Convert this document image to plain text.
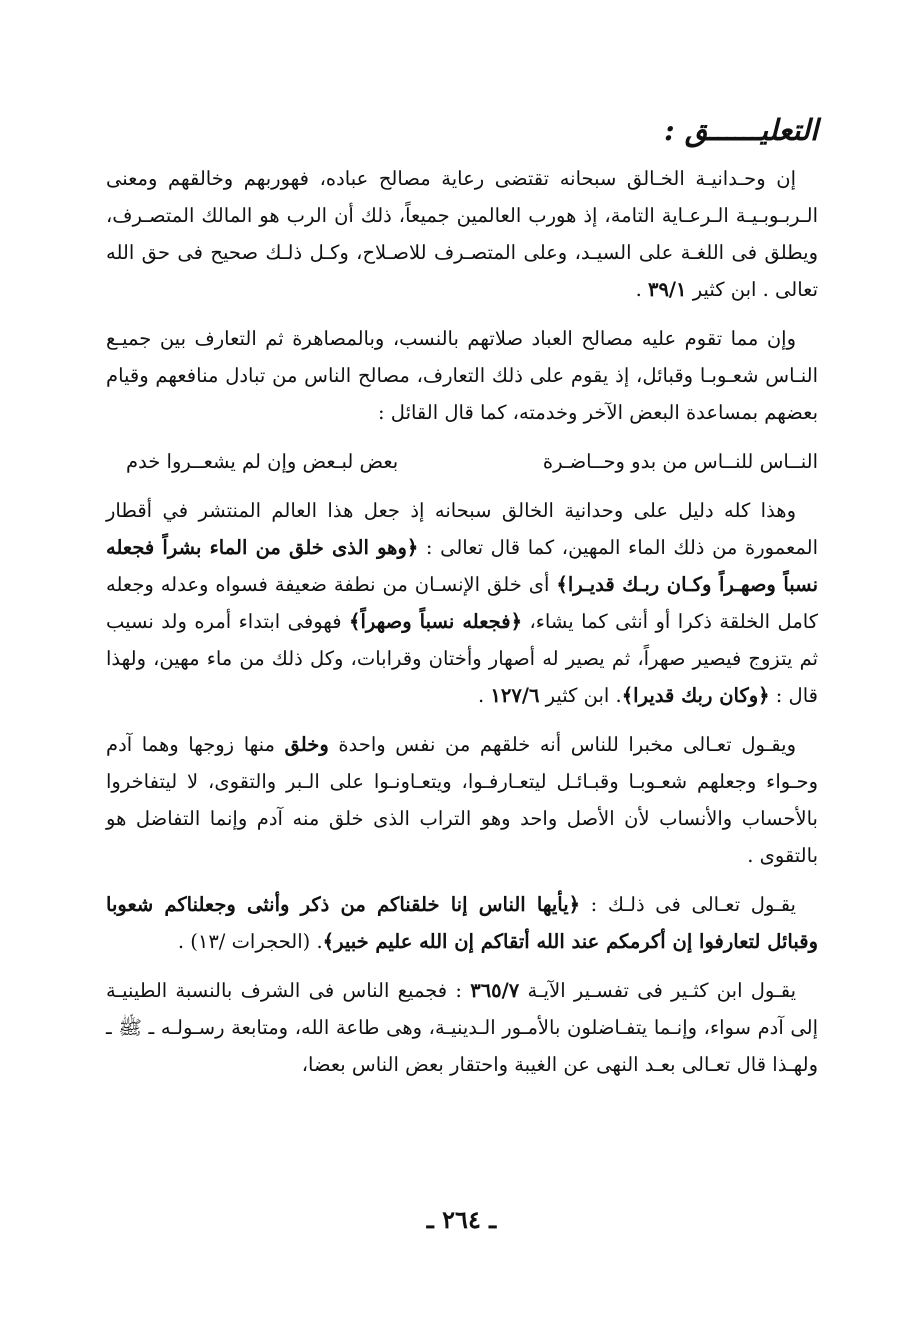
التعليــــــق :
إن وحـدانيـة الخـالق سبحانه تقتضى رعاية مصالح عباده، فهوربهم وخالقهم ومعنى الـربـوبـيـة الـرعـاية التامة، إذ هورب العالمين جميعاً، ذلك أن الرب هو المالك المتصـرف، ويطلق فى اللغـة على السيـد، وعلى المتصـرف للاصـلاح، وكـل ذلـك صحيح فى حق الله تعالى . ابن كثير ٣٩/١ .
وإن مما تقوم عليه مصالح العباد صلاتهم بالنسب، وبالمصاهرة ثم التعارف بين جميـع النـاس شعـوبـا وقبائل، إذ يقوم على ذلك التعارف، مصالح الناس من تبادل منافعهم وقيام بعضهم بمساعدة البعض الآخر وخدمته، كما قال القائل :
النــاس للنــاس من بدو وحــاضـرة
بعض لبـعض وإن لم يشعــروا خدم
وهذا كله دليل على وحدانية الخالق سبحانه إذ جعل هذا العالم المنتشر في أقطار المعمورة من ذلك الماء المهين، كما قال تعالى : ﴿وهو الذى خلق من الماء بشراً فجعله نسباً وصهـراً وكـان ربـك قديـرا﴾ أى خلق الإنسـان من نطفة ضعيفة فسواه وعدله وجعله كامل الخلقة ذكرا أو أنثى كما يشاء، ﴿فجعله نسباً وصهراً﴾ فهوفى ابتداء أمره ولد نسيب ثم يتزوج فيصير صهراً، ثم يصير له أصهار وأختان وقرابات، وكل ذلك من ماء مهين، ولهذا قال : ﴿وكان ربك قديرا﴾. ابن كثير ١٢٧/٦ .
ويقـول تعـالى مخبرا للناس أنه خلقهم من نفس واحدة وخلق منها زوجها وهما آدم وحـواء وجعلهم شعـوبـا وقبـائـل ليتعـارفـوا، ويتعـاونـوا على الـبر والتقوى، لا ليتفاخروا بالأحساب والأنساب لأن الأصل واحد وهو التراب الذى خلق منه آدم وإنما التفاضل هو بالتقوى .
يقـول تعـالى فى ذلـك : ﴿يأيها الناس إنا خلقناكم من ذكر وأنثى وجعلناكم شعوبا وقبائل لتعارفوا إن أكرمكم عند الله أتقاكم إن الله عليم خبير﴾. (الحجرات /١٣) .
يقـول ابن كثـير فى تفسـير الآيـة ٣٦٥/٧ : فجميع الناس فى الشرف بالنسبة الطينيـة إلى آدم سواء، وإنـما يتفـاضلون بالأمـور الـدينيـة، وهى طاعة الله، ومتابعة رسـولـه ـ ﷺ ـ ولهـذا قال تعـالى بعـد النهى عن الغيبة واحتقار بعض الناس بعضا،
ـ ٢٦٤ ـ
